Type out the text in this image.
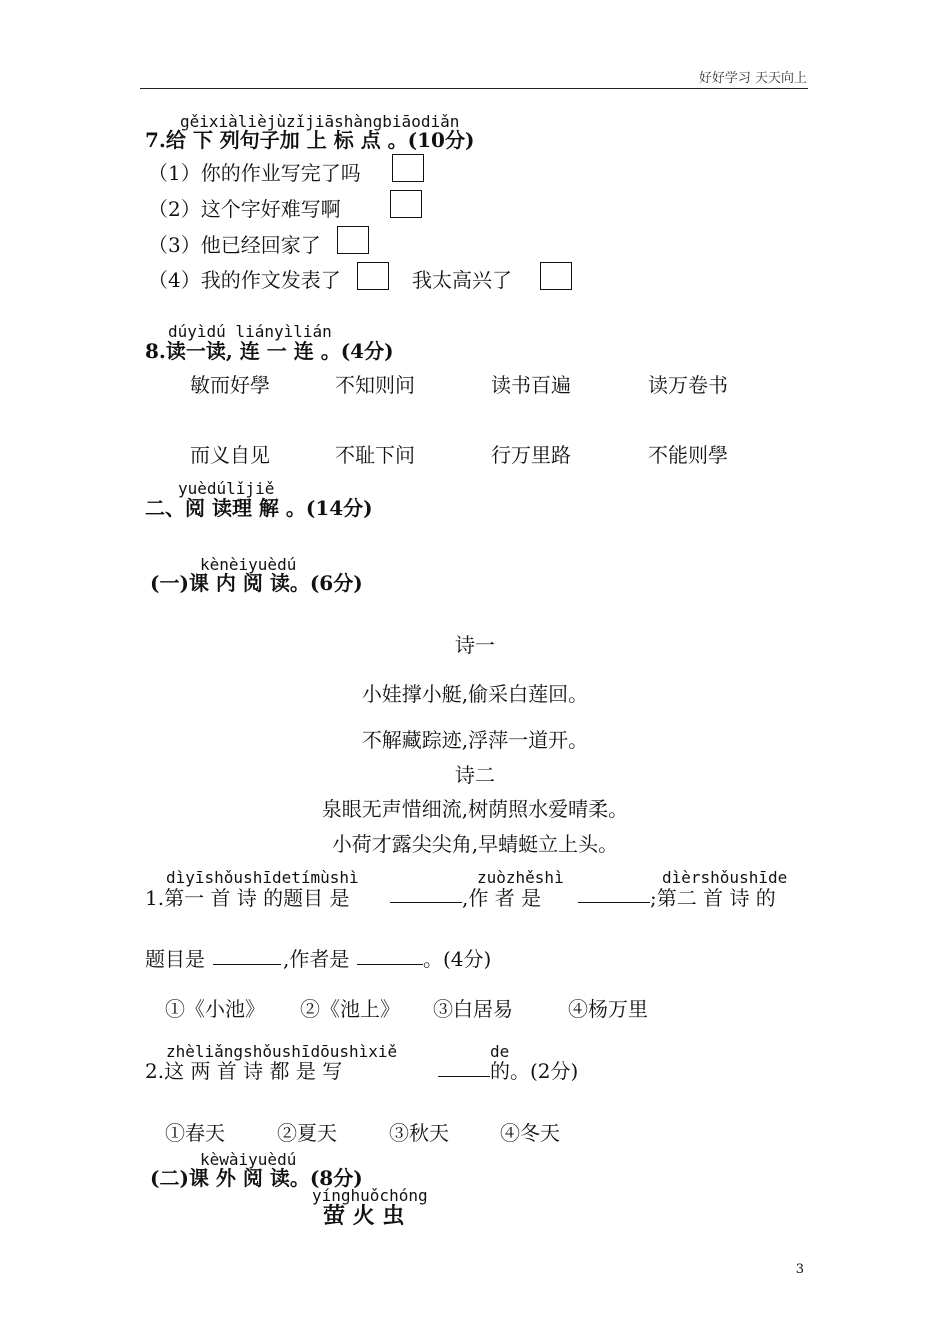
好好学习 天天向上
gěixiàlièjùzǐjiāshàngbiāodiǎn
7.给 下 列句子加 上 标 点 。(10分)
（1）你的作业写完了吗
（2）这个字好难写啊
（3）他已经回家了
（4）我的作文发表了	我太高兴了
dúyìdú liányìlián
8.读一读, 连 一 连 。(4分)
敏而好學	不知则问	读书百遍	读万卷书
而义自见	不耻下问	行万里路	不能则學
yuèdúlǐjiě
二、阅 读理 解 。(14分)
kènèiyuèdú
(一)课 内 阅 读。(6分)
诗一
小娃撑小艇,偷采白莲回。
不解藏踪迹,浮萍一道开。
诗二
泉眼无声惜细流,树荫照水爱晴柔。
小荷才露尖尖角,早蜻蜓立上头。
dìyīshǒushīdetímùshì	zuòzhěshì	dìèrshǒushīde
1.第一 首 诗 的题目 是	,作 者 是	;第二 首 诗 的
题目是	,作者是	。(4分)
①《小池》 ②《池上》 ③白居易	④杨万里
zhèliǎngshǒushīdōushìxiě	de
2.这 两 首 诗 都 是 写	的。(2分)
①春天	②夏天	③秋天	④冬天
kèwàiyuèdú
(二)课 外 阅 读。(8分)
yínghuǒchóng
萤 火 虫
3
